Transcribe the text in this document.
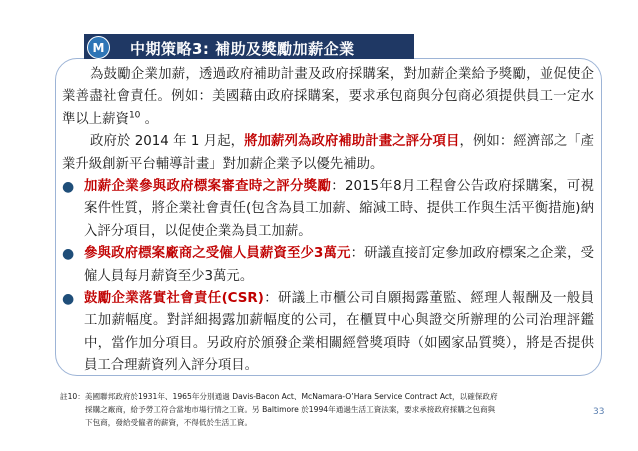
M	中期策略3: 補助及獎勵加薪企業

為鼓勵企業加薪，透過政府補助計畫及政府採購案，對加薪企業給予獎勵，並促使企業善盡社會責任。例如：美國藉由政府採購案，要求承包商與分包商必須提供員工一定水準以上薪資$^{10}$ 。

政府於 2014 年 1 月起，將加薪列為政府補助計畫之評分項目，例如：經濟部之「產業升級創新平台輔導計畫」對加薪企業予以優先補助。

● 加薪企業參與政府標案審查時之評分獎勵：2015年8月工程會公告政府採購案，可視案件性質，將企業社會責任(包含為員工加薪、縮減工時、提供工作與生活平衡措施)納入評分項目，以促使企業為員工加薪。
● 參與政府標案廠商之受僱人員薪資至少3萬元：研議直接訂定參加政府標案之企業，受僱人員每月薪資至少3萬元。
● 鼓勵企業落實社會責任(CSR)：研議上市櫃公司自願揭露董監、經理人報酬及一般員工加薪幅度。對詳細揭露加薪幅度的公司，在櫃買中心與證交所辦理的公司治理評鑑中，當作加分項目。另政府於頒發企業相關經營獎項時（如國家品質獎），將是否提供員工合理薪資列入評分項目。
註10：美國聯邦政府於1931年、1965年分別通過 Davis-Bacon Act、McNamara-O’Hara Service Contract Act，以確保政府
採購之廠商，給予勞工符合當地市場行情之工資。另 Baltimore 於1994年通過生活工資法案，要求承接政府採購之包商與
下包商，發給受僱者的薪資，不得低於生活工資。
33
